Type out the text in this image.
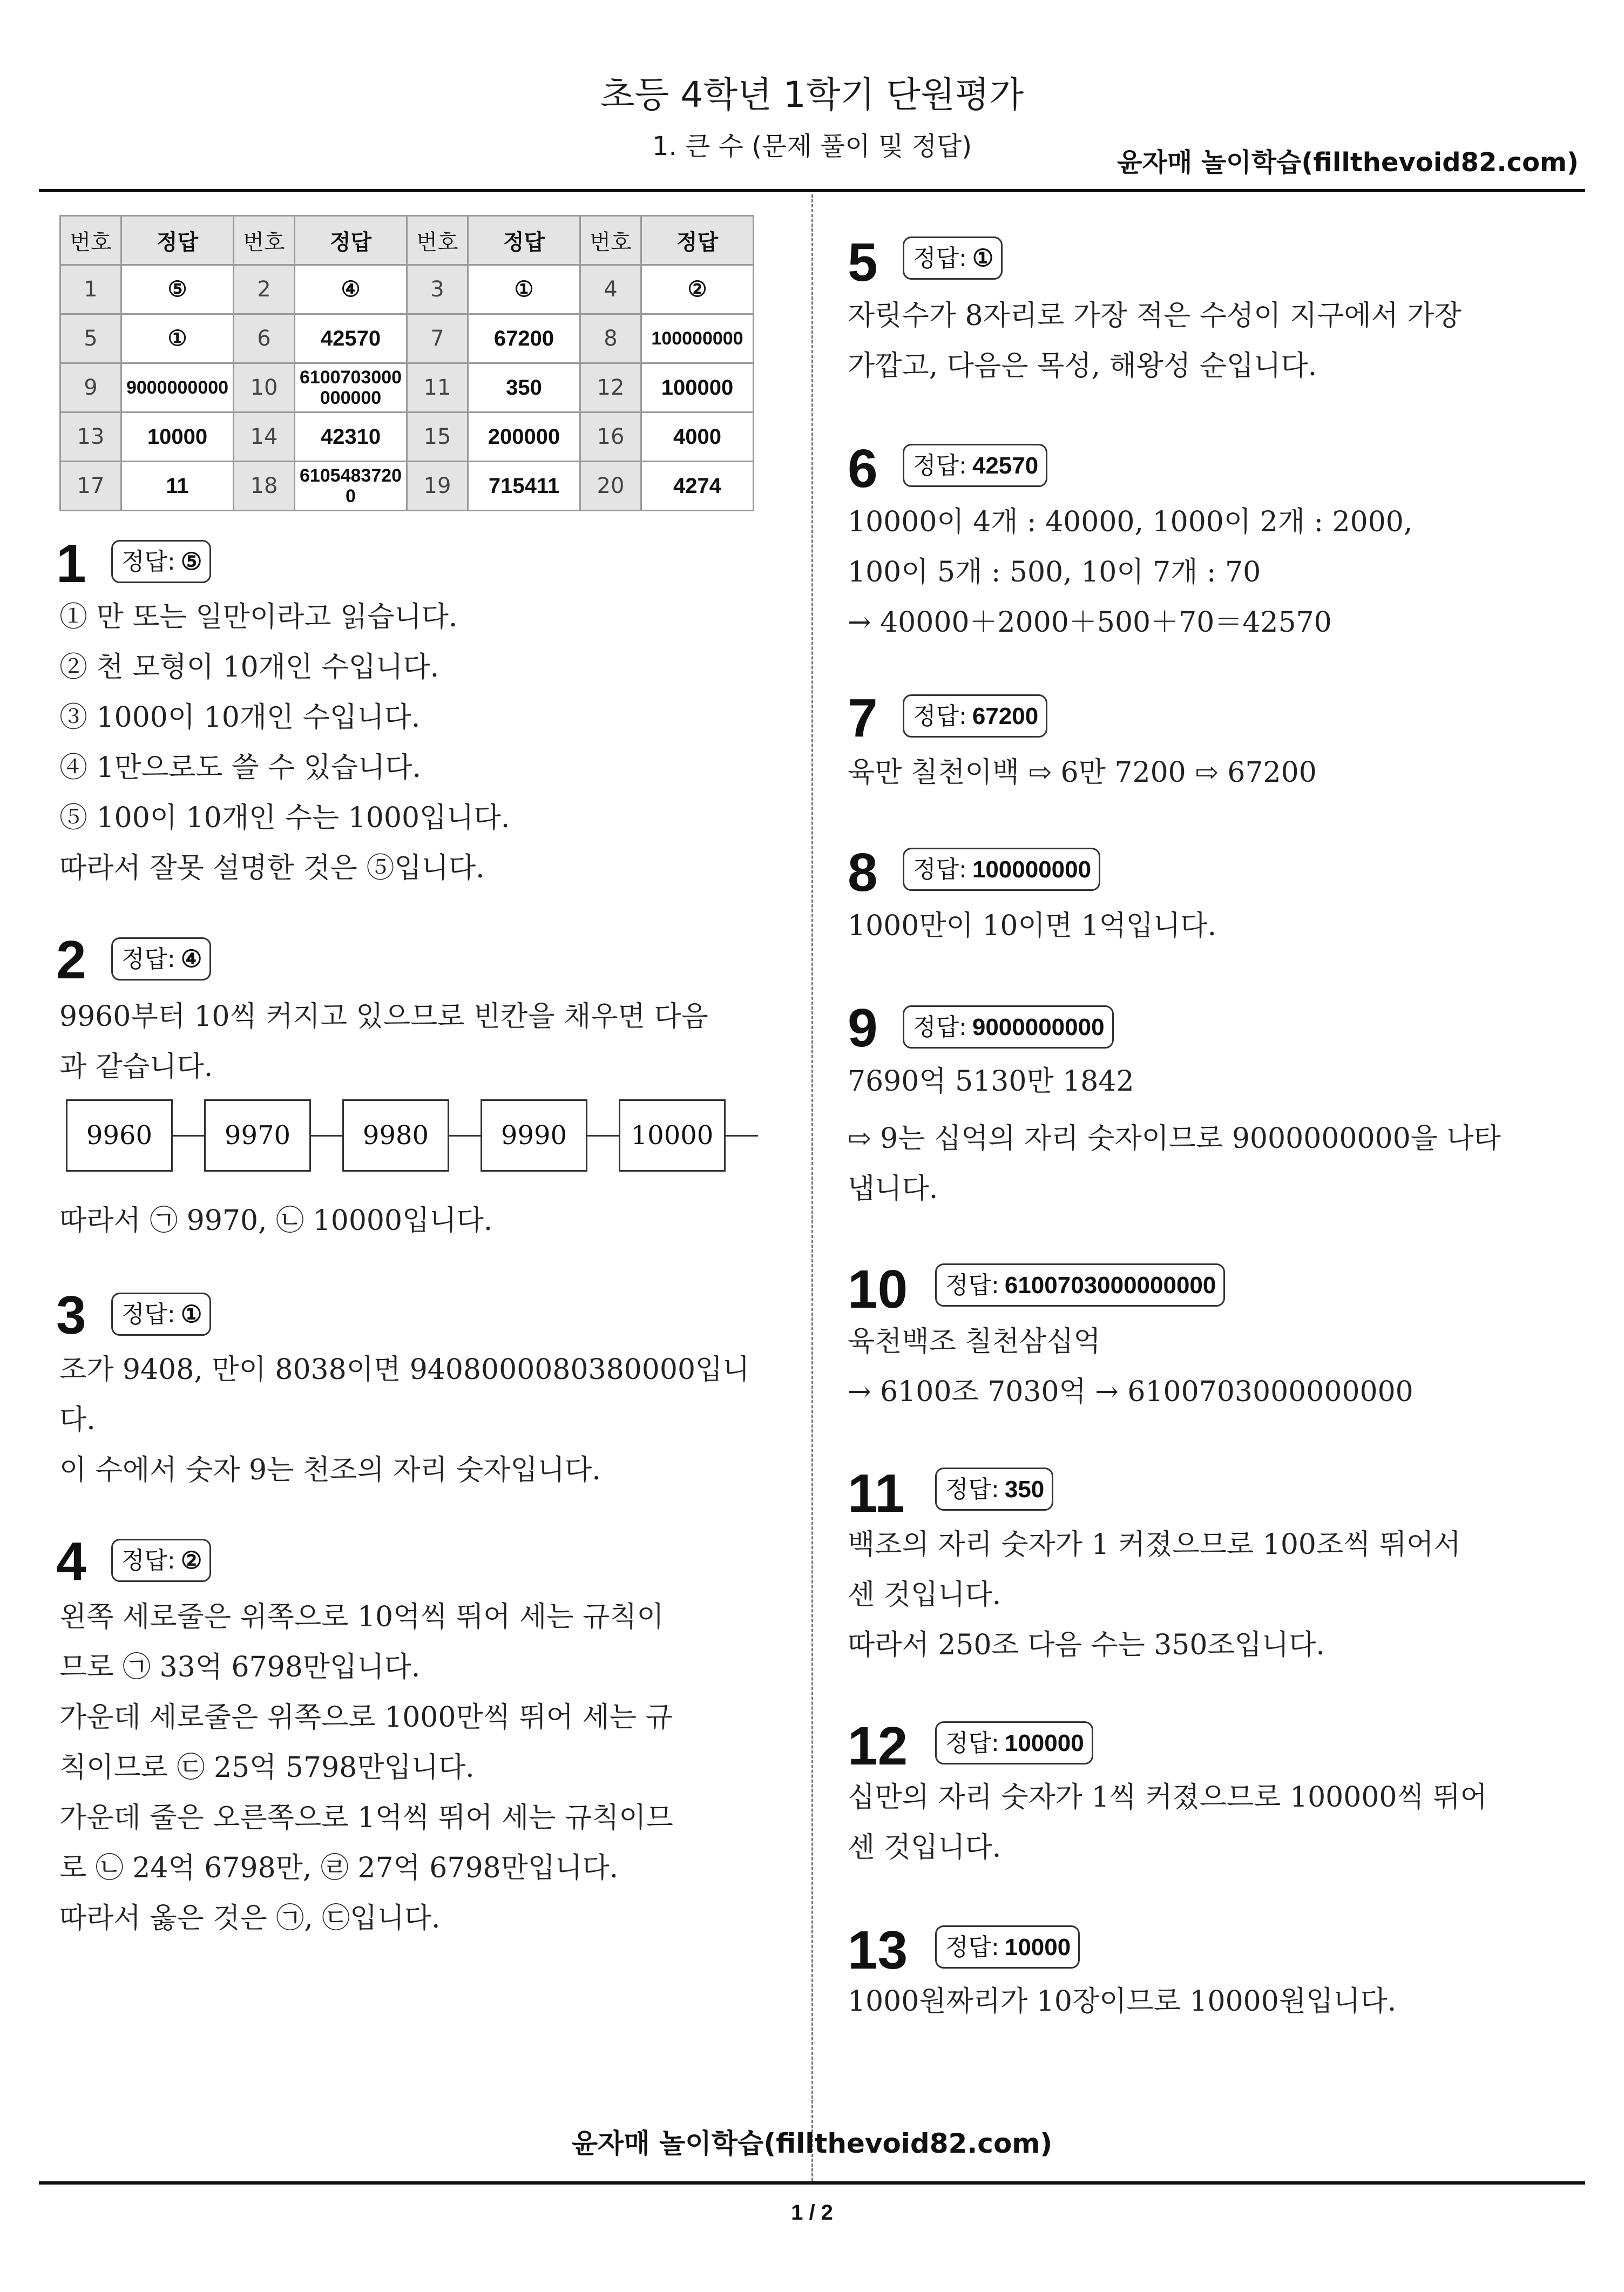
초등 4학년 1학기 단원평가
1. 큰 수 (문제 풀이 및 정답)
윤자매 놀이학습(fillthevoid82.com)
번호	정답	번호	정답	번호	정답	번호	정답
1	⑤	2	④	3	①	4	②
5	①	6	42570	7	67200	8	100000000
9	9000000000	10	6100703000000000	11	350	12	100000
13	10000	14	42310	15	200000	16	4000
17	11	18	61054837200	19	715411	20	4274
1	정답: ⑤
① 만 또는 일만이라고 읽습니다.
② 천 모형이 10개인 수입니다.
③ 1000이 10개인 수입니다.
④ 1만으로도 쓸 수 있습니다.
⑤ 100이 10개인 수는 1000입니다.
따라서 잘못 설명한 것은 ⑤입니다.
2	정답: ④
9960부터 10씩 커지고 있으므로 빈칸을 채우면 다음
과 같습니다.
9960	9970	9980	9990	10000
따라서 ㉠ 9970, ㉡ 10000입니다.
3	정답: ①
조가 9408, 만이 8038이면 9408000080380000입니
다.
이 수에서 숫자 9는 천조의 자리 숫자입니다.
4	정답: ②
왼쪽 세로줄은 위쪽으로 10억씩 뛰어 세는 규칙이
므로 ㉠ 33억 6798만입니다.
가운데 세로줄은 위쪽으로 1000만씩 뛰어 세는 규
칙이므로 ㉢ 25억 5798만입니다.
가운데 줄은 오른쪽으로 1억씩 뛰어 세는 규칙이므
로 ㉡ 24억 6798만, ㉣ 27억 6798만입니다.
따라서 옳은 것은 ㉠, ㉢입니다.
5	정답: ①
자릿수가 8자리로 가장 적은 수성이 지구에서 가장
가깝고, 다음은 목성, 해왕성 순입니다.
6	정답: 42570
10000이 4개 : 40000, 1000이 2개 : 2000,
100이 5개 : 500, 10이 7개 : 70
→ 40000＋2000＋500＋70＝42570
7	정답: 67200
육만 칠천이백 ⇨ 6만 7200 ⇨ 67200
8	정답: 100000000
1000만이 10이면 1억입니다.
9	정답: 9000000000
7690억 5130만 1842
⇨ 9는 십억의 자리 숫자이므로 9000000000을 나타
냅니다.
10	정답: 6100703000000000
육천백조 칠천삼십억
→ 6100조 7030억 → 6100703000000000
11	정답: 350
백조의 자리 숫자가 1 커졌으므로 100조씩 뛰어서
센 것입니다.
따라서 250조 다음 수는 350조입니다.
12	정답: 100000
십만의 자리 숫자가 1씩 커졌으므로 100000씩 뛰어
센 것입니다.
13	정답: 10000
1000원짜리가 10장이므로 10000원입니다.
윤자매 놀이학습(fillthevoid82.com)
1 / 2
